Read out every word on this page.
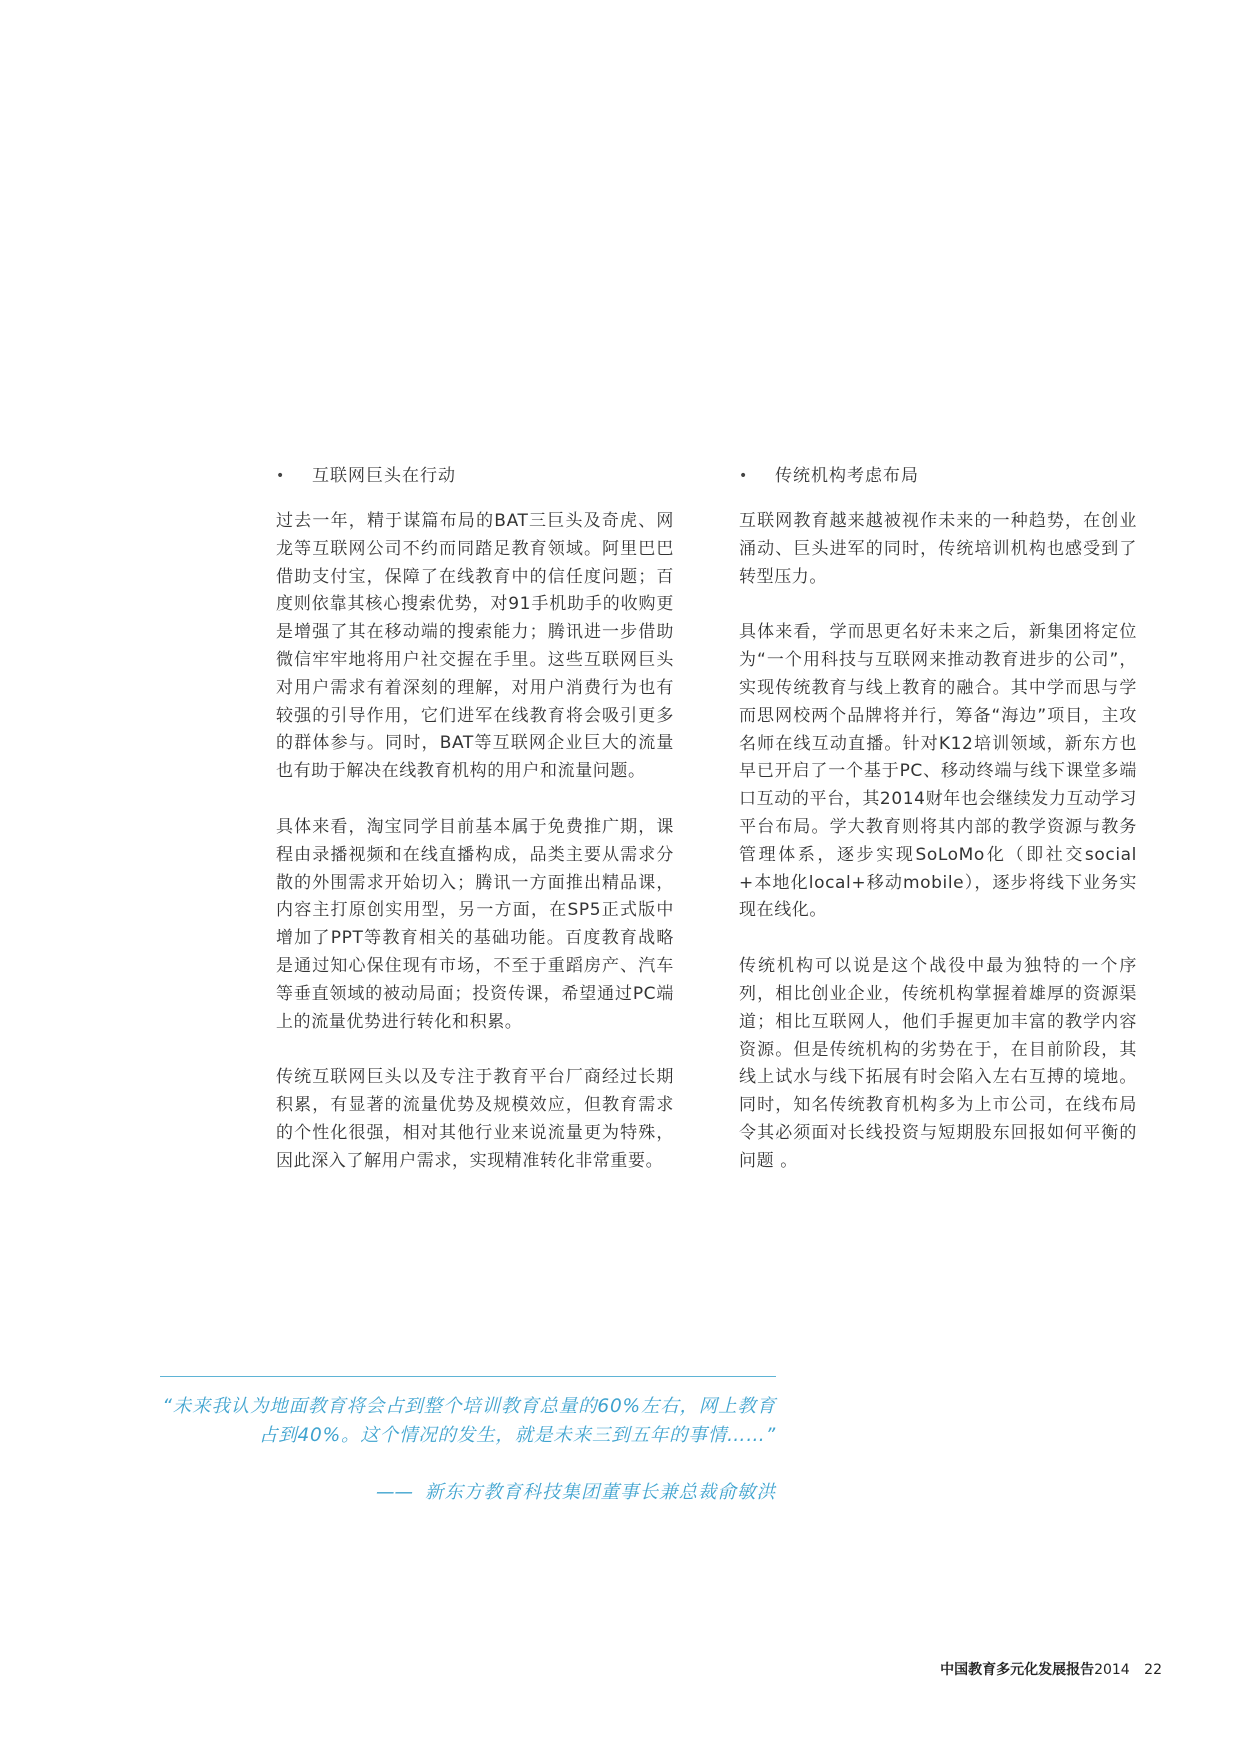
•	互联网巨头在行动

过去一年，精于谋篇布局的BAT三巨头及奇虎、网龙等互联网公司不约而同踏足教育领域。阿里巴巴借助支付宝，保障了在线教育中的信任度问题；百度则依靠其核心搜索优势，对91手机助手的收购更是增强了其在移动端的搜索能力；腾讯进一步借助微信牢牢地将用户社交握在手里。这些互联网巨头对用户需求有着深刻的理解，对用户消费行为也有较强的引导作用，它们进军在线教育将会吸引更多的群体参与。同时，BAT等互联网企业巨大的流量也有助于解决在线教育机构的用户和流量问题。

具体来看，淘宝同学目前基本属于免费推广期，课程由录播视频和在线直播构成，品类主要从需求分散的外围需求开始切入；腾讯一方面推出精品课，内容主打原创实用型，另一方面，在SP5正式版中增加了PPT等教育相关的基础功能。百度教育战略是通过知心保住现有市场，不至于重蹈房产、汽车等垂直领域的被动局面；投资传课，希望通过PC端上的流量优势进行转化和积累。

传统互联网巨头以及专注于教育平台厂商经过长期积累，有显著的流量优势及规模效应，但教育需求的个性化很强，相对其他行业来说流量更为特殊，因此深入了解用户需求，实现精准转化非常重要。

•	传统机构考虑布局

互联网教育越来越被视作未来的一种趋势，在创业涌动、巨头进军的同时，传统培训机构也感受到了转型压力。

具体来看，学而思更名好未来之后，新集团将定位为“一个用科技与互联网来推动教育进步的公司”，实现传统教育与线上教育的融合。其中学而思与学而思网校两个品牌将并行，筹备“海边”项目，主攻名师在线互动直播。针对K12培训领域，新东方也早已开启了一个基于PC、移动终端与线下课堂多端口互动的平台，其2014财年也会继续发力互动学习平台布局。学大教育则将其内部的教学资源与教务管理体系，逐步实现SoLoMo化（即社交social+本地化local+移动mobile），逐步将线下业务实现在线化。

传统机构可以说是这个战役中最为独特的一个序列，相比创业企业，传统机构掌握着雄厚的资源渠道；相比互联网人，他们手握更加丰富的教学内容资源。但是传统机构的劣势在于，在目前阶段，其线上试水与线下拓展有时会陷入左右互搏的境地。同时，知名传统教育机构多为上市公司，在线布局令其必须面对长线投资与短期股东回报如何平衡的问题 。

“未来我认为地面教育将会占到整个培训教育总量的60%左右，网上教育占到40%。这个情况的发生，就是未来三到五年的事情……”

—— 新东方教育科技集团董事长兼总裁俞敏洪
中国教育多元化发展报告2014 22
